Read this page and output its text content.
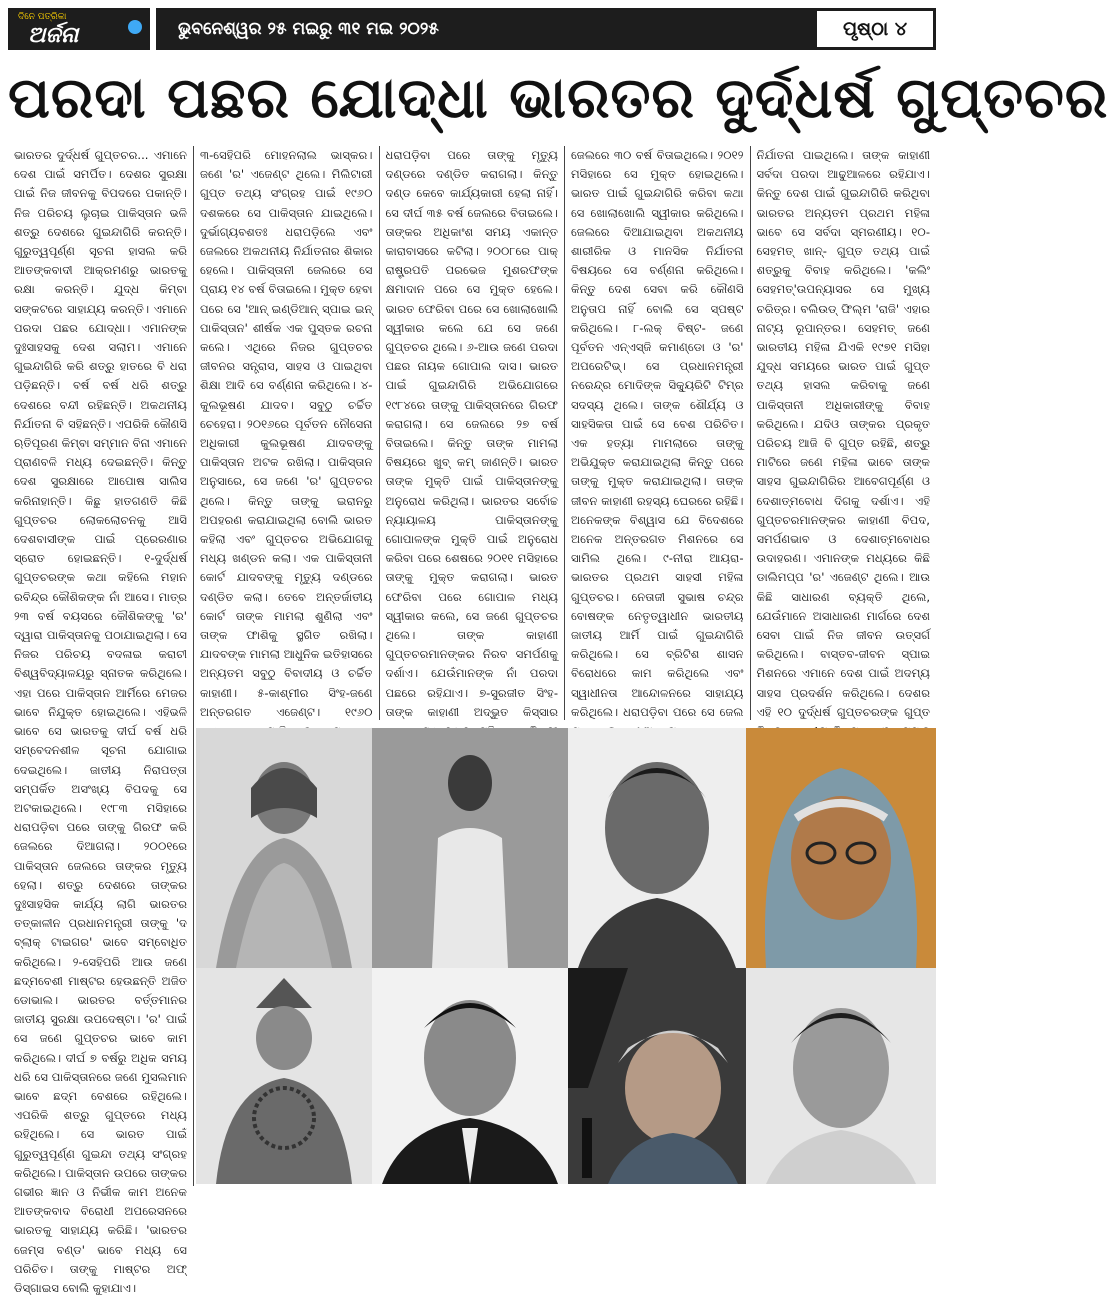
ଦିନେ ପତ୍ରିକା
ଅର୍ଜନା	ଭୁବନେଶ୍ୱର ୨୫ ମଇରୁ ୩୧ ମଇ ୨୦୨୫	ପୃଷ୍ଠା ୪
ପରଦା ପଛର ଯୋଦ୍ଧା ଭାରତର ଦୁର୍ଦ୍ଧର୍ଷ ଗୁପ୍ତଚର

ଭାରତର ଦୁର୍ଦ୍ଧର୍ଷ ଗୁପ୍ତଚର... ଏମାନେ ଦେଶ ପାଇଁ ସମର୍ପିତ। ଦେଶର ସୁରକ୍ଷା ପାଇଁ ନିଜ ଜୀବନକୁ ବିପଦରେ ପକାନ୍ତି। ନିଜ ପରିଚୟ ଲୁଚାଇ ପାକିସ୍ତାନ ଭଳି ଶତ୍ରୁ ଦେଶରେ ଗୁଇନ୍ଦାଗିରି କରନ୍ତି। ଗୁରୁତ୍ୱପୂର୍ଣ୍ଣ ସୂଚନା ହାସଲ କରି ଆତଙ୍କବାଦୀ ଆକ୍ରମଣରୁ ଭାରତକୁ ରକ୍ଷା କରନ୍ତି। ଯୁଦ୍ଧ କିମ୍ବା ସଙ୍କଟରେ ସାହାଯ୍ୟ କରନ୍ତି। ଏମାନେ ପରଦା ପଛର ଯୋଦ୍ଧା। ଏମାନଙ୍କ ଦୁଃସାହସକୁ ଦେଶ ସଲାମ। ଏମାନେ ଗୁଇନ୍ଦାଗିରି କରି ଶତ୍ରୁ ହାତରେ ବି ଧରା ପଡ଼ିଛନ୍ତି। ବର୍ଷ ବର୍ଷ ଧରି ଶତ୍ରୁ ଦେଶରେ ବନ୍ଦୀ ରହିଛନ୍ତି। ଅକଥନୀୟ ନିର୍ଯାତନା ବି ସହିଛନ୍ତି। ଏପରିକି କୌଣସି ଋତିପୂରଣ କିମ୍ବା ସମ୍ମାନ ବିନା ଏମାନେ ପ୍ରାଣବଳି ମଧ୍ୟ ଦେଇଛନ୍ତି। କିନ୍ତୁ ଦେଶ ସୁରକ୍ଷାରେ ଆପୋଷ ସାଲିସ କରିନାହାନ୍ତି। କିଛୁ ହାତଗଣତି କିଛି ଗୁପ୍ତଚର ଲୋକଲୋଚନକୁ ଆସି ଦେଶବାସୀଙ୍କ ପାଇଁ ପ୍ରେରଣାର ସ୍ରୋତ ହୋଇଛନ୍ତି। ୧-ଦୁର୍ଦ୍ଧର୍ଷ ଗୁପ୍ତଚରଙ୍କ କଥା କହିଲେ ମହାନ ରବିନ୍ଦ୍ର କୌଶିକଙ୍କ ନାଁ ଆସେ। ମାତ୍ର ୨୩ ବର୍ଷ ବୟସରେ କୌଶିକଙ୍କୁ 'ର' ଦ୍ୱାରା ପାକିସ୍ତାନକୁ ପଠାଯାଇଥିଲା। ସେ ନିଜର ପରିଚୟ ବଦଳାଇ କରାଚୀ ବିଶ୍ୱବିଦ୍ୟାଳୟରୁ ସ୍ନାତକ କରିଥିଲେ। ଏହା ପରେ ପାକିସ୍ତାନ ଆର୍ମିରେ ମେଜର ଭାବେ ନିଯୁକ୍ତ ହୋଇଥିଲେ। ଏହିଭଳି ଭାବେ ସେ ଭାରତକୁ ଦୀର୍ଘ ବର୍ଷ ଧରି ସମ୍ବେଦନଶୀଳ ସୂଚନା ଯୋଗାଇ ଦେଇଥିଲେ। ଜାତୀୟ ନିରାପତ୍ତା ସମ୍ପର୍କିତ ଅସଂଖ୍ୟ ବିପଦକୁ ସେ ଅଟକାଇଥିଲେ। ୧୯୮୩ ମସିହାରେ ଧରାପଡ଼ିବା ପରେ ତାଙ୍କୁ ଗିରଫ କରି ଜେଲରେ ଦିଆଗଲା। ୨୦୦୧ରେ ପାକିସ୍ତାନ ଜେଲରେ ତାଙ୍କର ମୃତ୍ୟୁ ହେଲା। ଶତ୍ରୁ ଦେଶରେ ତାଙ୍କର ଦୁଃସାହସିକ କାର୍ଯ୍ୟ ଲାଗି ଭାରତର ତତ୍କାଳୀନ ପ୍ରଧାନମନ୍ତ୍ରୀ ତାଙ୍କୁ 'ଦ ବ୍ଲାକ୍ ଟାଇଗର' ଭାବେ ସମ୍ବୋଧିତ କରିଥିଲେ। ୨-ସେହିପରି ଆଉ ଜଣେ ଛଦ୍ମବେଶୀ ମାଷ୍ଟର ହେଉଛନ୍ତି ଅଜିତ ଡୋଭାଲ। ଭାରତର ବର୍ତ୍ତମାନର ଜାତୀୟ ସୁରକ୍ଷା ଉପଦେଷ୍ଟା। 'ର' ପାଇଁ ସେ ଜଣେ ଗୁପ୍ତଚର ଭାବେ କାମ କରିଥିଲେ। ଦୀର୍ଘ ୭ ବର୍ଷରୁ ଅଧିକ ସମୟ ଧରି ସେ ପାକିସ୍ତାନରେ ଜଣେ ମୁସଲମାନ ଭାବେ ଛଦ୍ମ ବେଶରେ ରହିଥିଲେ। ଏପରିକି ଶତ୍ରୁ ଗୁପ୍ତରେ ମଧ୍ୟ ରହିଥିଲେ। ସେ ଭାରତ ପାଇଁ ଗୁରୁତ୍ୱପୂର୍ଣ୍ଣ ଗୁଇନ୍ଦା ତଥ୍ୟ ସଂଗ୍ରହ କରିଥିଲେ। ପାକିସ୍ତାନ ଉପରେ ତାଙ୍କର ଗଭୀର ଜ୍ଞାନ ଓ ନିର୍ଭୀକ କାମ ଅନେକ ଆତଙ୍କବାଦ ବିରୋଧୀ ଅପରେସନରେ ଭାରତକୁ ସାହାଯ୍ୟ କରିଛି। 'ଭାରତର ଜେମ୍ସ ବଣ୍ଡ' ଭାବେ ମଧ୍ୟ ସେ ପରିଚିତ। ତାଙ୍କୁ ମାଷ୍ଟର ଅଫ୍ ଡିସ୍‌ଗାଇସ ବୋଲି କୁହାଯାଏ।

୩-ସେହିପରି ମୋହନଲାଲ ଭାସ୍କର। ଜଣେ 'ର' ଏଜେଣ୍ଟ ଥିଲେ। ମିଲିଟାରୀ ଗୁପ୍ତ ତଥ୍ୟ ସଂଗ୍ରହ ପାଇଁ ୧୯୬୦ ଦଶକରେ ସେ ପାକିସ୍ତାନ ଯାଇଥିଲେ। ଦୁର୍ଭାଗ୍ୟବଶତଃ ଧରାପଡ଼ିଲେ ଏବଂ ଜେଲରେ ଅକଥନୀୟ ନିର୍ଯାତନାର ଶିକାର ହେଲେ। ପାକିସ୍ତାନୀ ଜେଲରେ ସେ ପ୍ରାୟ ୧୪ ବର୍ଷ ବିତାଇଲେ। ମୁକ୍ତ ହେବା ପରେ ସେ 'ଆନ୍ ଇଣ୍ଡିଆନ୍ ସ୍ପାଇ ଇନ୍ ପାକିସ୍ତାନ' ଶୀର୍ଷକ ଏକ ପୁସ୍ତକ ରଚନା କଲେ। ଏଥିରେ ନିଜର ଗୁପ୍ତଚର ଜୀବନର ସନ୍ତ୍ରାସ, ସାହସ ଓ ପାଇଥିବା ଶିକ୍ଷା ଆଦି ସେ ବର୍ଣ୍ଣନା କରିଥିଲେ। ୪-କୁଲଭୂଷଣ ଯାଦବ। ସବୁଠୁ ଚର୍ଚ୍ଚିତ ଚେହେରା। ୨୦୧୬ରେ ପୂର୍ବତନ ନୌସେନା ଅଧିକାରୀ କୁଲଭୂଷଣ ଯାଦବଙ୍କୁ ପାକିସ୍ତାନ ଅଟକ ରଖିଲା। ପାକିସ୍ତାନ ଅନୁସାରେ, ସେ ଜଣେ 'ର' ଗୁପ୍ତଚର ଥିଲେ। କିନ୍ତୁ ତାଙ୍କୁ ଇରାନରୁ ଅପହରଣ କରାଯାଇଥିଲା ବୋଲି ଭାରତ କହିଲା ଏବଂ ଗୁପ୍ତଚର ଅଭିଯୋଗକୁ ମଧ୍ୟ ଖଣ୍ଡନ କଲା। ଏକ ପାକିସ୍ତାନୀ କୋର୍ଟ ଯାଦବଙ୍କୁ ମୃତ୍ୟୁ ଦଣ୍ଡରେ ଦଣ୍ଡିତ କଲା। ତେବେ ଅନ୍ତର୍ଜାତୀୟ କୋର୍ଟ ତାଙ୍କ ମାମଲା ଶୁଣିଲା ଏବଂ ତାଙ୍କ ଫାଶିକୁ ସ୍ଥଗିତ ରଖିଲା। ଯାଦବଙ୍କ ମାମଲା ଆଧୁନିକ ଇତିହାସରେ ଅନ୍ୟତମ ସବୁଠୁ ବିବାଦୀୟ ଓ ଚର୍ଚ୍ଚିତ କାହାଣୀ। ୫-କାଶ୍ମୀର ସିଂହ-ଜଣେ ଅନ୍ତରଗତ ଏଜେଣ୍ଟ। ୧୯୬୦

ଧରାପଡ଼ିବା ପରେ ତାଙ୍କୁ ମୃତ୍ୟୁ ଦଣ୍ଡରେ ଦଣ୍ଡିତ କରାଗଲା। କିନ୍ତୁ ଦଣ୍ଡ କେବେ କାର୍ଯ୍ୟକାରୀ ହେଲା ନାହିଁ। ସେ ଦୀର୍ଘ ୩୫ ବର୍ଷ ଜେଲରେ ବିତାଇଲେ। ତାଙ୍କର ଅଧିକାଂଶ ସମୟ ଏକାନ୍ତ କାରାବାସରେ କଟିଲା। ୨୦୦୮ରେ ପାକ୍ ରାଷ୍ଟ୍ରପତି ପରଭେଜ ମୁଶରଫଙ୍କ କ୍ଷମାଦାନ ପରେ ସେ ମୁକ୍ତ ହେଲେ। ଭାରତ ଫେରିବା ପରେ ସେ ଖୋଲାଖୋଲି ସ୍ୱୀକାର କଲେ ଯେ ସେ ଜଣେ ଗୁପ୍ତଚର ଥିଲେ। ୬-ଆଉ ଜଣେ ପରଦା ପଛର ନାୟକ ଗୋପାଲ ଦାସ। ଭାରତ ପାଇଁ ଗୁଇନ୍ଦାଗିରି ଅଭିଯୋଗରେ ୧୯୮୪ରେ ତାଙ୍କୁ ପାକିସ୍ତାନରେ ଗିରଫ କରାଗଲା। ସେ ଜେଲରେ ୨୭ ବର୍ଷ ବିତାଇଲେ। କିନ୍ତୁ ତାଙ୍କ ମାମଲା ବିଷୟରେ ଖୁବ୍ କମ୍ ଜାଣନ୍ତି। ଭାରତ ତାଙ୍କ ମୁକ୍ତି ପାଇଁ ପାକିସ୍ତାନଙ୍କୁ ଅନୁରୋଧ କରିଥିଲା। ଭାରତର ସର୍ବୋଚ୍ଚ ନ୍ୟାୟାଳୟ ପାକିସ୍ତାନଙ୍କୁ ଗୋପାଳଙ୍କ ମୁକ୍ତି ପାଇଁ ଅନୁରୋଧ କରିବା ପରେ ଶେଷରେ ୨୦୧୧ ମସିହାରେ ତାଙ୍କୁ ମୁକ୍ତ କରାଗଲା। ଭାରତ ଫେରିବା ପରେ ଗୋପାଳ ମଧ୍ୟ ସ୍ୱୀକାର କଲେ, ସେ ଜଣେ ଗୁପ୍ତଚର ଥିଲେ। ତାଙ୍କ କାହାଣୀ ଗୁପ୍ତଚରମାନଙ୍କର ନିରବ ସମର୍ପଣକୁ ଦର୍ଶାଏ। ଯେଉଁମାନଙ୍କ ନାଁ ପରଦା ପଛରେ ରହିଯାଏ। ୭-ସୁରଜୀତ ସିଂହ- ତାଙ୍କ କାହାଣୀ ଅଦ୍ଭୁତ କିସ୍ସାର

ଜେଲରେ ୩୦ ବର୍ଷ ବିତାଇଥିଲେ। ୨୦୧୨ ମସିହାରେ ସେ ମୁକ୍ତ ହୋଇଥିଲେ। ଭାରତ ପାଇଁ ଗୁଇନ୍ଦାଗିରି କରିବା କଥା ସେ ଖୋଲାଖୋଲି ସ୍ୱୀକାର କରିଥିଲେ। ଜେଲରେ ଦିଆଯାଇଥିବା ଅକଥନୀୟ ଶାରୀରିକ ଓ ମାନସିକ ନିର୍ଯାତନା ବିଷୟରେ ସେ ବର୍ଣ୍ଣନା କରିଥିଲେ। କିନ୍ତୁ ଦେଶ ସେବା କରି କୌଣସି ଅନୁତାପ ନାହିଁ ବୋଲି ସେ ସ୍ପଷ୍ଟ କରିଥିଲେ। ୮-ଲକ୍ ବିଷ୍ଟ- ଜଣେ ପୂର୍ବତନ ଏନ୍‌ଏସ୍‌ଜି କମାଣ୍ଡୋ ଓ 'ର' ଅପରେଟିଭ୍। ସେ ପ୍ରଧାନମନ୍ତ୍ରୀ ନରେନ୍ଦ୍ର ମୋଦିଙ୍କ ସିକ୍ୟୁରିଟି ଟିମ୍‌ର ସଦସ୍ୟ ଥିଲେ। ତାଙ୍କ ଶୌର୍ଯ୍ୟ ଓ ସାହସିକତା ପାଇଁ ସେ ବେଶ ପରିଚିତ। ଏକ ହତ୍ୟା ମାମଲାରେ ତାଙ୍କୁ ଅଭିଯୁକ୍ତ କରାଯାଇଥିଲା କିନ୍ତୁ ପରେ ତାଙ୍କୁ ମୁକ୍ତ କରାଯାଇଥିଲା। ତାଙ୍କ ଜୀବନ କାହାଣୀ ରହସ୍ୟ ଘେରରେ ରହିଛି। ଅନେକଙ୍କ ବିଶ୍ୱାସ ଯେ ବିଦେଶରେ ଅନେକ ଅନ୍ତରଗତ ମିଶନରେ ସେ ସାମିଲ ଥିଲେ। ୯-ନୀରା ଆୟରା- ଭାରତର ପ୍ରଥମ ସାହସୀ ମହିଳା ଗୁପ୍ତଚର। ନେତାଜୀ ସୁଭାଷ ଚନ୍ଦ୍ର ବୋଷଙ୍କ ନେତୃତ୍ୱାଧୀନ ଭାରତୀୟ ଜାତୀୟ ଆର୍ମି ପାଇଁ ଗୁଇନ୍ଦାଗିରି କରିଥିଲେ। ସେ ବ୍ରିଟିଶ ଶାସନ ବିରୋଧରେ କାମ କରିଥିଲେ ଏବଂ ସ୍ୱାଧୀନତା ଆନ୍ଦୋଳନରେ ସାହାଯ୍ୟ କରିଥିଲେ। ଧରାପଡ଼ିବା ପରେ ସେ ଜେଲ

ନିର୍ଯାତନା ପାଇଥିଲେ। ତାଙ୍କ କାହାଣୀ ସର୍ବଦା ପରଦା ଆଢୁଆଳରେ ରହିଯାଏ। କିନ୍ତୁ ଦେଶ ପାଇଁ ଗୁଇନ୍ଦାଗିରି କରିଥିବା ଭାରତର ଅନ୍ୟତମ ପ୍ରଥମ ମହିଳା ଭାବେ ସେ ସର୍ବଦା ସ୍ମରଣୀୟ। ୧୦-ସେହମତ୍ ଖାନ୍- ଗୁପ୍ତ ତଥ୍ୟ ପାଇଁ ଶତ୍ରୁକୁ ବିବାହ କରିଥିଲେ। 'କଲିଂ ସେହମତ୍'ଉପନ୍ୟାସର ସେ ମୁଖ୍ୟ ଚରିତ୍ର। ବଲିଉଡ୍ ଫିଲ୍ମ 'ରାଜି' ଏହାର ନାଟ୍ୟ ରୂପାନ୍ତର। ସେହମତ୍ ଜଣେ ଭାରତୀୟ ମହିଳା ଯିଏକି ୧୯୭୧ ମସିହା ଯୁଦ୍ଧ ସମୟରେ ଭାରତ ପାଇଁ ଗୁପ୍ତ ତଥ୍ୟ ହାସଲ କରିବାକୁ ଜଣେ ପାକିସ୍ତାନୀ ଅଧିକାରୀଙ୍କୁ ବିବାହ କରିଥିଲେ। ଯଦିଓ ତାଙ୍କର ପ୍ରକୃତ ପରିଚୟ ଆଜି ବି ଗୁପ୍ତ ରହିଛି, ଶତ୍ରୁ ମାଟିରେ ଜଣେ ମହିଳା ଭାବେ ତାଙ୍କ ସାହସ ଗୁଇନ୍ଦାଗିରିର ଆବେଗପୂର୍ଣ୍ଣ ଓ ଦେଶାତ୍ମବୋଧ ଦିଗକୁ ଦର୍ଶାଏ। ଏହି ଗୁପ୍ତଚରମାନଙ୍କର କାହାଣୀ ବିପଦ, ସମର୍ପଣଭାବ ଓ ଦେଶାତ୍ମବୋଧର ଉଦାହରଣ। ଏମାନଙ୍କ ମଧ୍ୟରେ କିଛି ଡାଲିମପ୍ପ 'ର' ଏଜେଣ୍ଟ ଥିଲେ। ଆଉ କିଛି ସାଧାରଣ ବ୍ୟକ୍ତି ଥିଲେ, ଯେଉଁମାନେ ଅସାଧାରଣ ମାର୍ଗରେ ଦେଶ ସେବା ପାଇଁ ନିଜ ଜୀବନ ଉତ୍ସର୍ଗ କରିଥିଲେ। ବାସ୍ତବ-ଜୀବନ ସ୍ପାଇ ମିଶନରେ ଏମାନେ ଦେଶ ପାଇଁ ଅଦମ୍ୟ ସାହସ ପ୍ରଦର୍ଶନ କରିଥିଲେ। ଦେଶର ଏହି ୧୦ ଦୁର୍ଦ୍ଧର୍ଷ ଗୁପ୍ତଚରଙ୍କ ଗୁପ୍ତ
